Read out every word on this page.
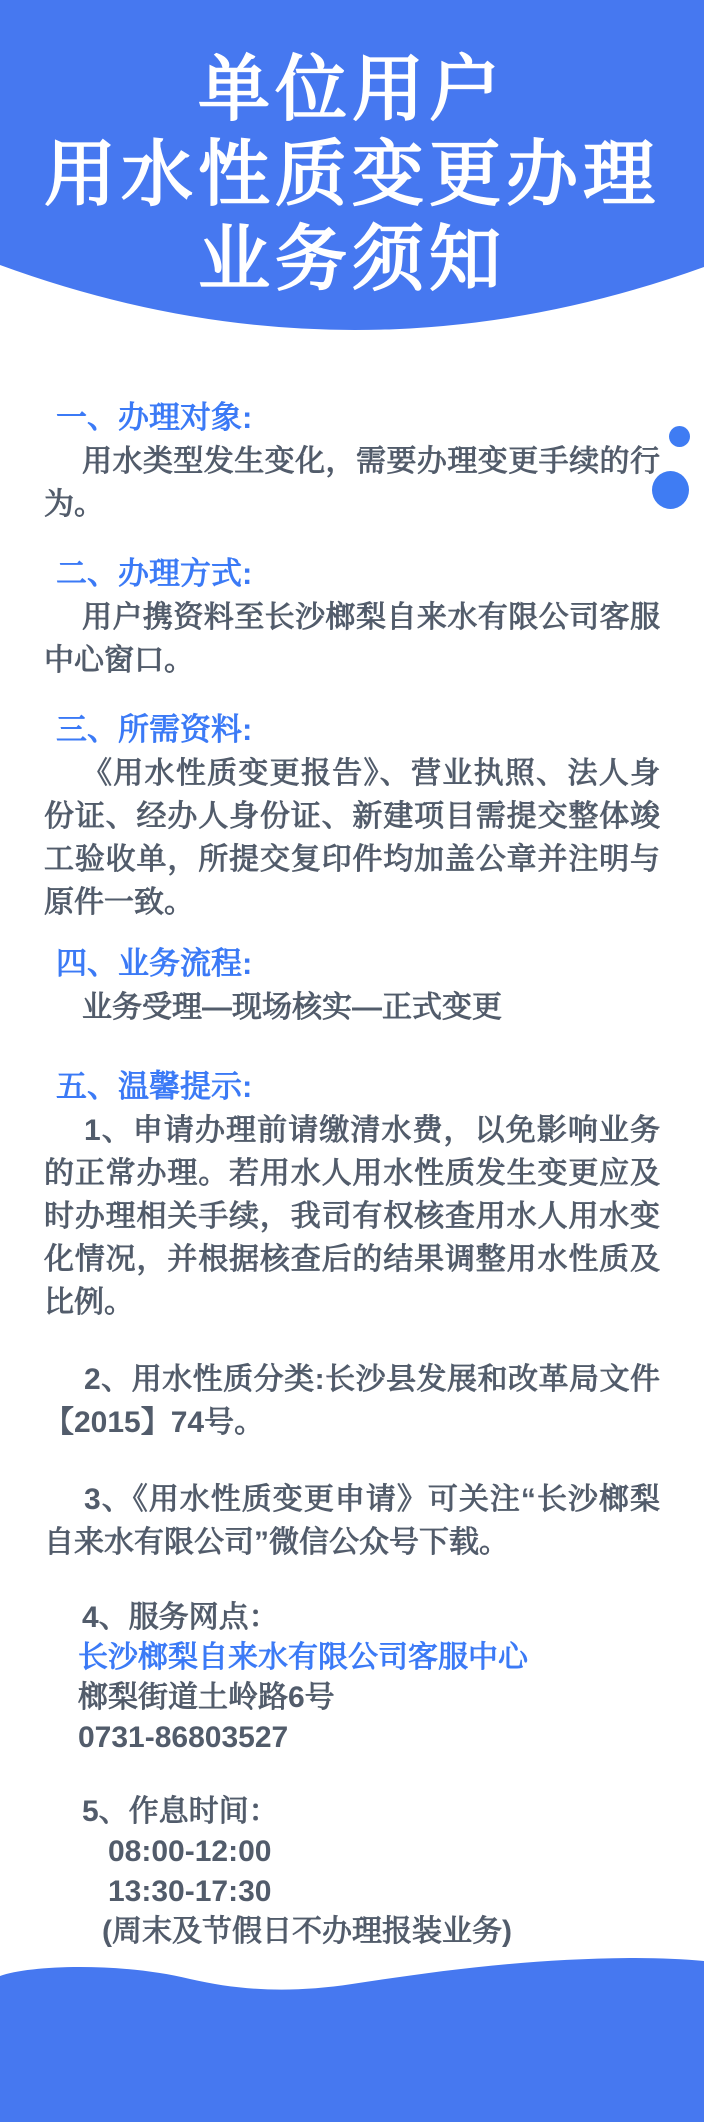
单位用户
用水性质变更办理
业务须知
一、办理对象:

用水类型发生变化，需要办理变更手续的行为。

二、办理方式:

用户携资料至长沙榔梨自来水有限公司客服中心窗口。

三、所需资料:

《用水性质变更报告》、营业执照、法人身份证、经办人身份证、新建项目需提交整体竣工验收单，所提交复印件均加盖公章并注明与原件一致。

四、业务流程:

业务受理—现场核实—正式变更

五、温馨提示:

1、申请办理前请缴清水费，以免影响业务的正常办理。若用水人用水性质发生变更应及时办理相关手续，我司有权核查用水人用水变化情况，并根据核查后的结果调整用水性质及比例。

2、用水性质分类:长沙县发展和改革局文件【2015】74号。

3、《用水性质变更申请》可关注“长沙榔梨自来水有限公司”微信公众号下载。

4、服务网点：
长沙榔梨自来水有限公司客服中心
榔梨街道土岭路6号
0731-86803527
5、作息时间：
08:00-12:00
13:30-17:30
(周末及节假日不办理报装业务)
